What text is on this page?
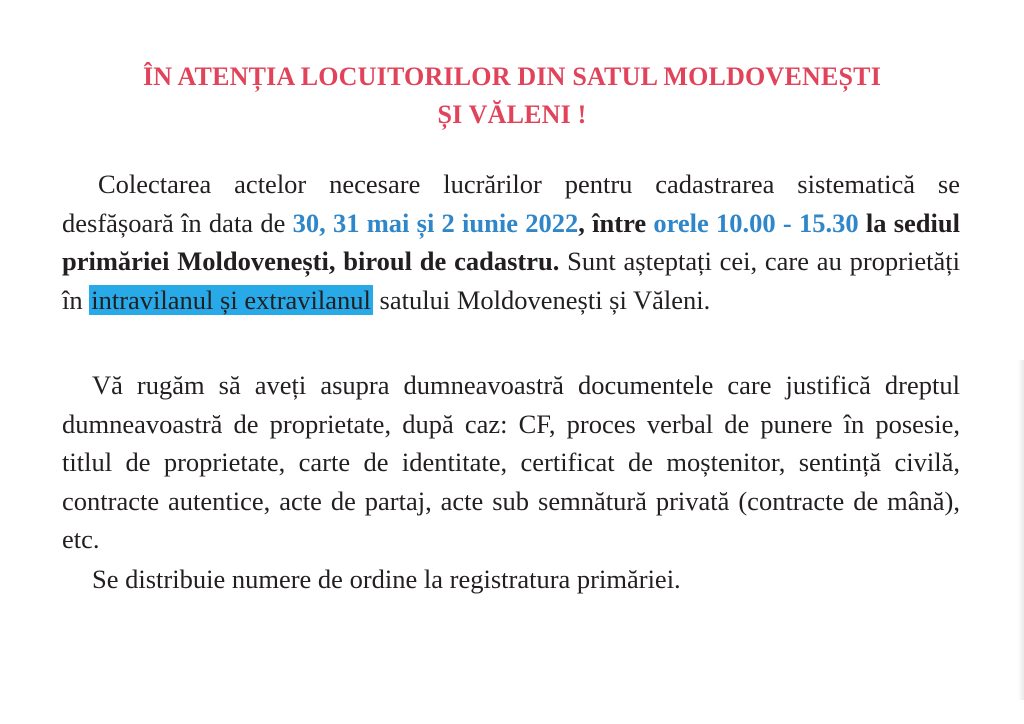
ÎN ATENȚIA LOCUITORILOR DIN SATUL MOLDOVENEȘTI
ȘI VĂLENI !
Colectarea actelor necesare lucrărilor pentru cadastrarea sistematică se desfășoară în data de 30, 31 mai și 2 iunie 2022, între orele 10.00 - 15.30 la sediul primăriei Moldovenești, biroul de cadastru. Sunt așteptați cei, care au proprietăți în intravilanul și extravilanul satului Moldovenești și Văleni.
Vă rugăm să aveți asupra dumneavoastră documentele care justifică dreptul dumneavoastră de proprietate, după caz: CF, proces verbal de punere în posesie, titlul de proprietate, carte de identitate, certificat de moștenitor, sentință civilă, contracte autentice, acte de partaj, acte sub semnătură privată (contracte de mână), etc.
Se distribuie numere de ordine la registratura primăriei.
